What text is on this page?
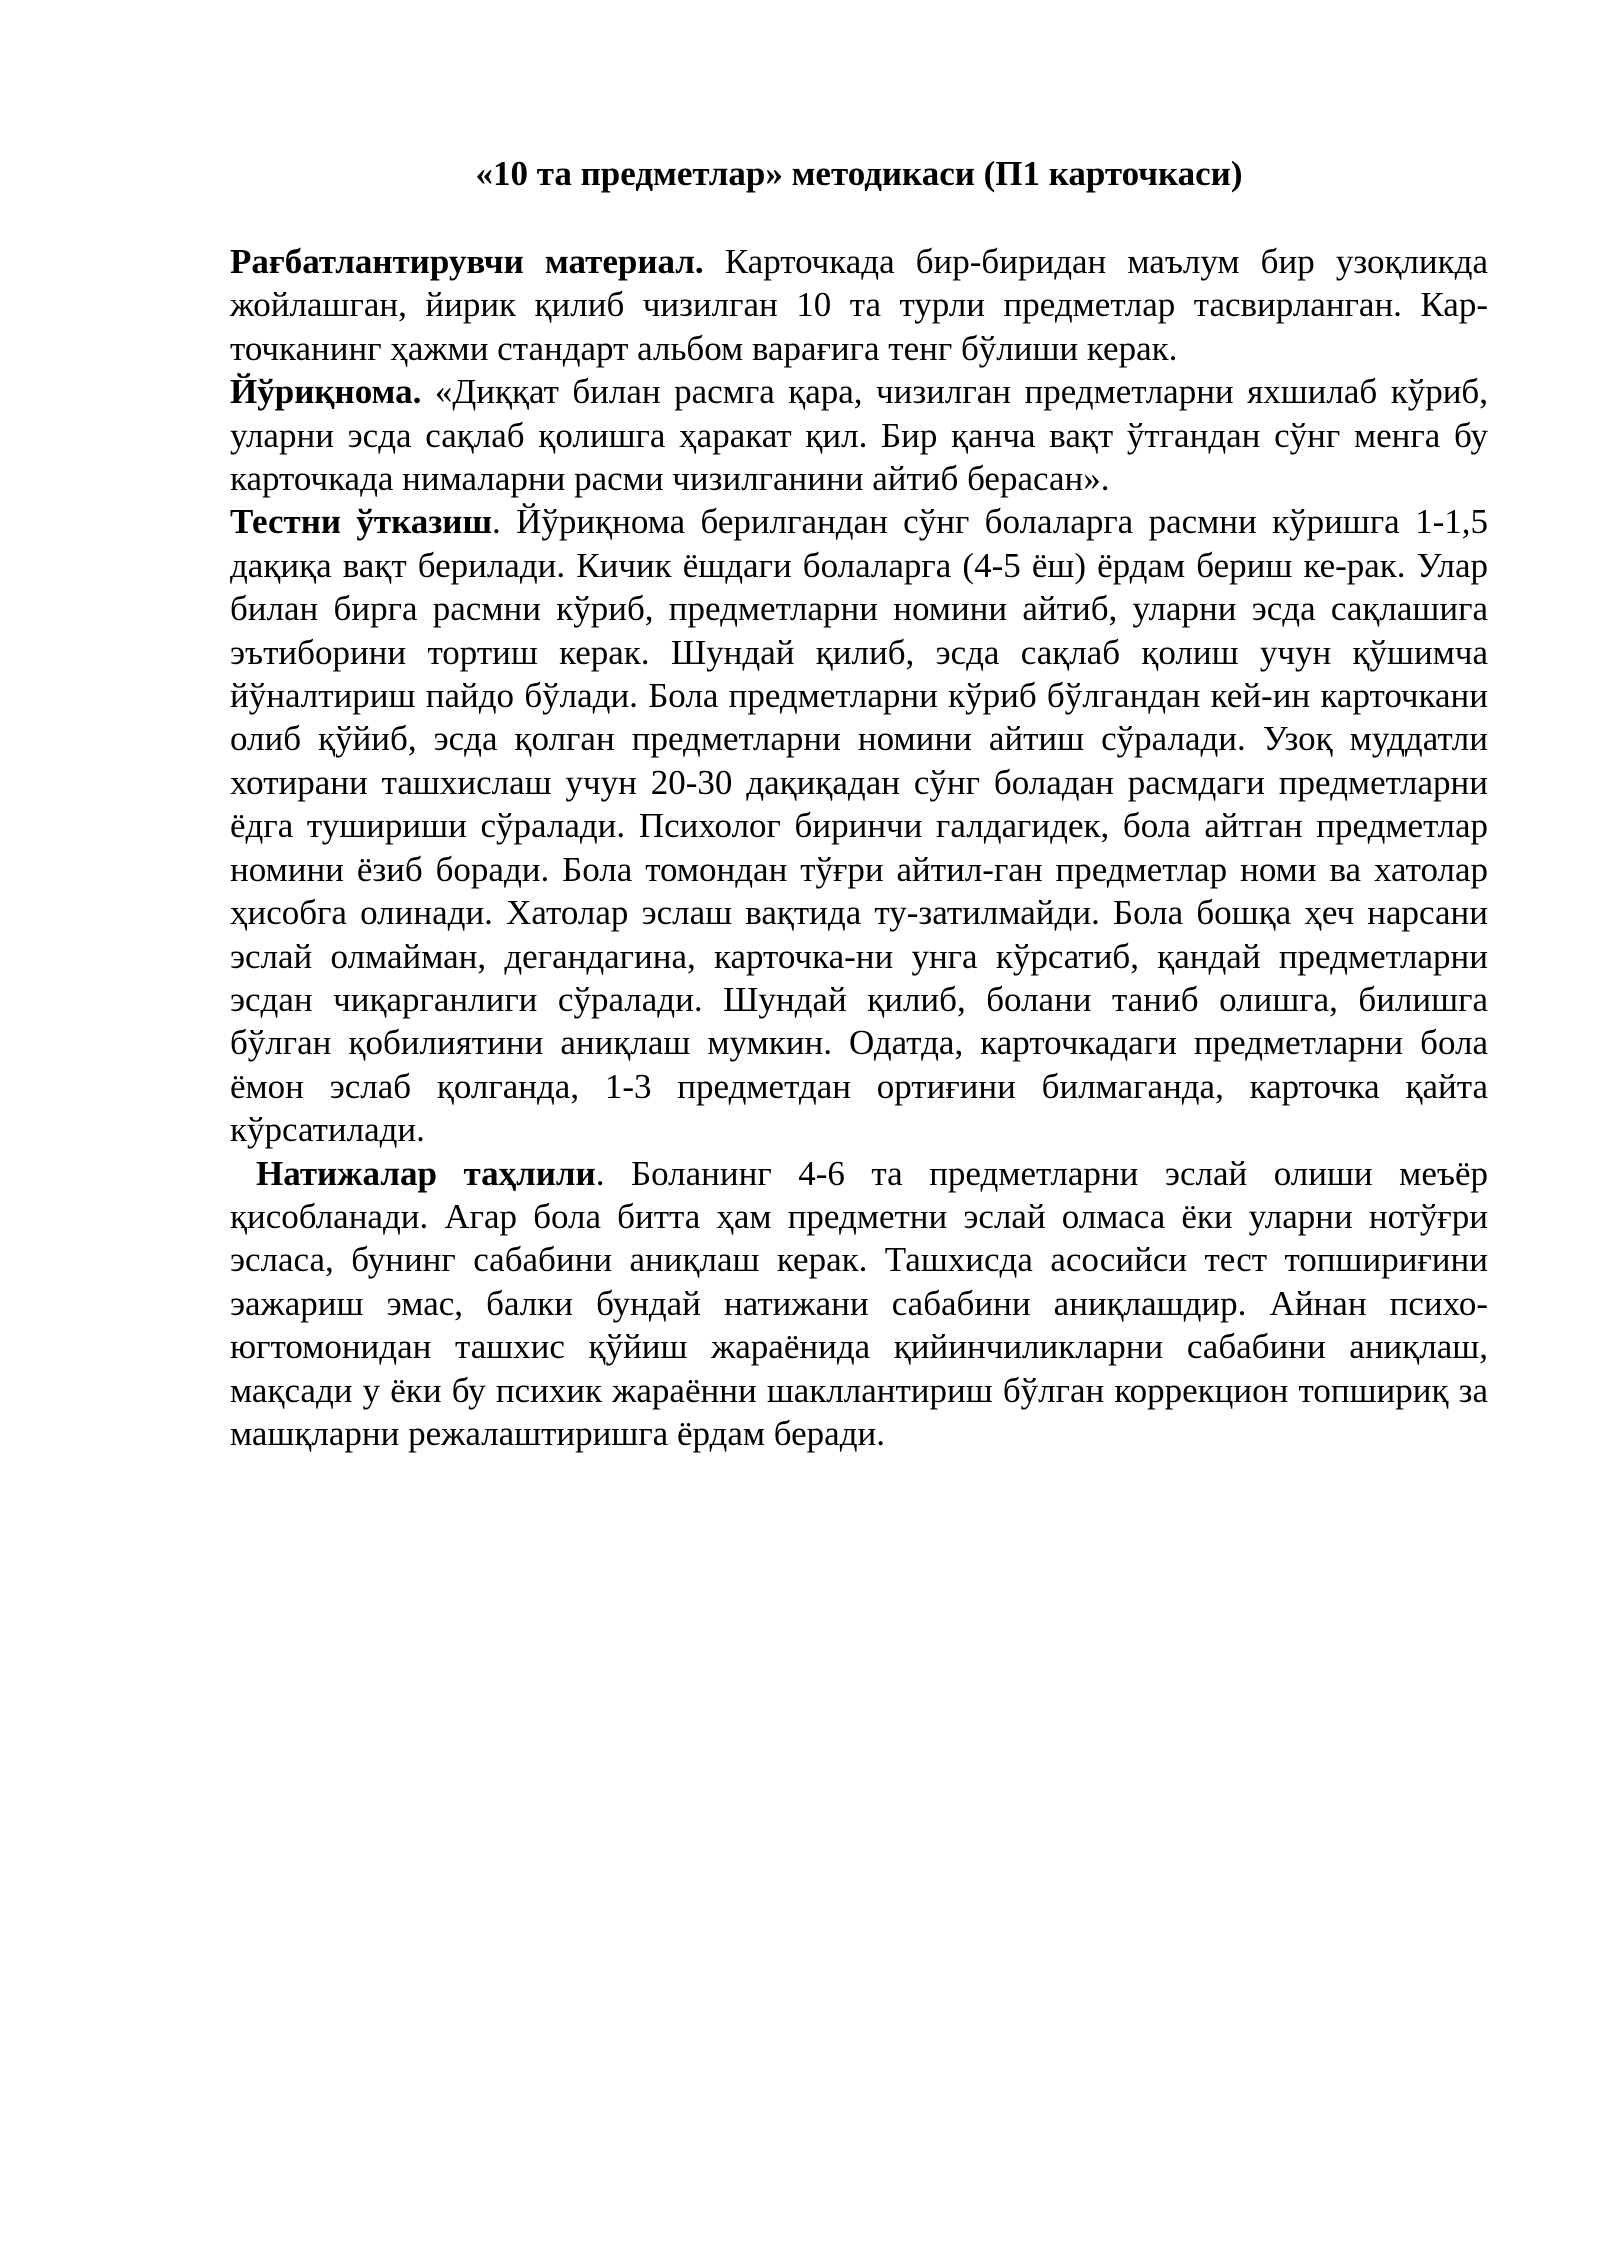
«10 та предметлар» методикаси (П1 карточкаси)

Рағбатлантирувчи материал. Карточкада бир-биридан маълум бир узоқликда жойлашган, йирик қилиб чизилган 10 та турли предметлар тасвирланган. Кар-точканинг ҳажми стандарт альбом варағига тенг бўлиши керак.

Йўриқнома. «Диққат билан расмга қара, чизилган предметларни яхшилаб кўриб, уларни эсда сақлаб қолишга ҳаракат қил. Бир қанча вақт ўтгандан сўнг менга бу карточкада нималарни расми чизилганини айтиб берасан».

Тестни ўтказиш. Йўриқнома берилгандан сўнг болаларга расмни кўришга 1-1,5 дақиқа вақт берилади. Кичик ёшдаги болаларга (4-5 ёш) ёрдам бериш ке-рак. Улар билан бирга расмни кўриб, предметларни номини айтиб, уларни эсда сақлашига эътиборини тортиш керак. Шундай қилиб, эсда сақлаб қолиш учун қўшимча йўналтириш пайдо бўлади. Бола предметларни кўриб бўлгандан кей-ин карточкани олиб қўйиб, эсда қолган предметларни номини айтиш сўралади. Узоқ муддатли хотирани ташхислаш учун 20-30 дақиқадан сўнг боладан расмдаги предметларни ёдга тушириши сўралади. Психолог биринчи галдагидек, бола айтган предметлар номини ёзиб боради. Бола томондан тўғри айтил-ган предметлар номи ва хатолар ҳисобга олинади. Хатолар эслаш вақтида ту-затилмайди. Бола бошқа ҳеч нарсани эслай олмайман, дегандагина, карточка-ни унга кўрсатиб, қандай предметларни эсдан чиқарганлиги сўралади. Шундай қилиб, болани таниб олишга, билишга бўлган қобилиятини аниқлаш мумкин. Одатда, карточкадаги предметларни бола ёмон эслаб қолганда, 1-3 предметдан ортиғини билмаганда, карточка қайта кўрсатилади.

Натижалар таҳлили. Боланинг 4-6 та предметларни эслай олиши меъёр қисобланади. Агар бола битта ҳам предметни эслай олмаса ёки уларни нотўғри эсласа, бунинг сабабини аниқлаш керак. Ташхисда асосийси тест топшириғини эажариш эмас, балки бундай натижани сабабини аниқлашдир. Айнан психо-югтомонидан ташхис қўйиш жараёнида қийинчиликларни сабабини аниқлаш, мақсади у ёки бу психик жараённи шакллантириш бўлган коррекцион топшириқ за машқларни режалаштиришга ёрдам беради.
